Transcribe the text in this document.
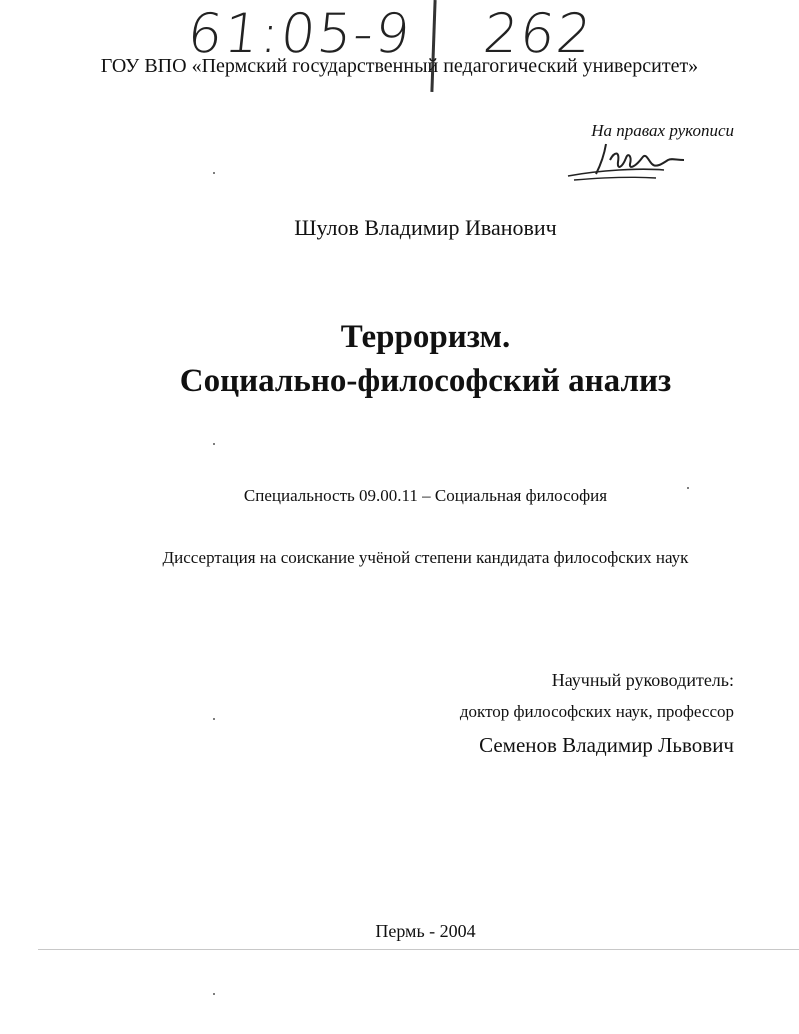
61:05-9 262
ГОУ ВПО «Пермский государственный педагогический университет»
На правах рукописи
Шулов Владимир Иванович
Терроризм.
Социально-философский анализ
Специальность 09.00.11 – Социальная философия
Диссертация на соискание учёной степени кандидата философских наук
Научный руководитель:
доктор философских наук, профессор
Семенов Владимир Львович
Пермь - 2004
